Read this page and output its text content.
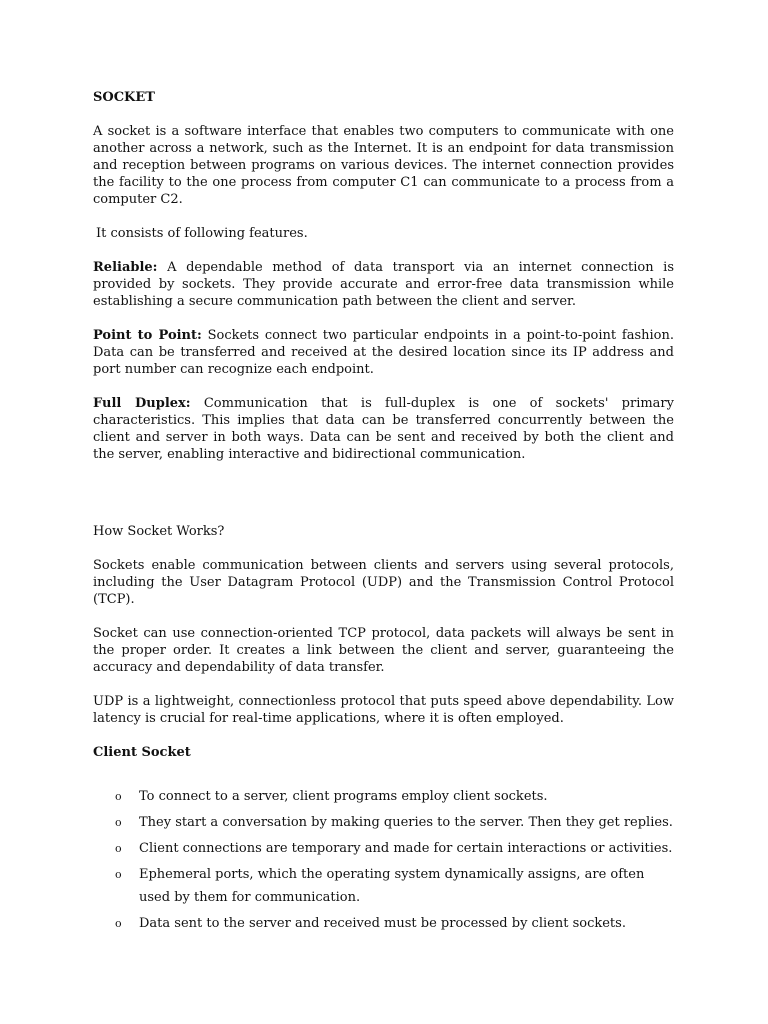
SOCKET

A socket is a software interface that enables two computers to communicate with one another across a network, such as the Internet. It is an endpoint for data transmission and reception between programs on various devices. The internet connection provides the facility to the one process from computer C1 can communicate to a process from a computer C2.

It consists of following features.

Reliable: A dependable method of data transport via an internet connection is provided by sockets. They provide accurate and error-free data transmission while establishing a secure communication path between the client and server.

Point to Point: Sockets connect two particular endpoints in a point-to-point fashion. Data can be transferred and received at the desired location since its IP address and port number can recognize each endpoint.

Full Duplex: Communication that is full-duplex is one of sockets' primary characteristics. This implies that data can be transferred concurrently between the client and server in both ways. Data can be sent and received by both the client and the server, enabling interactive and bidirectional communication.

How Socket Works?

Sockets enable communication between clients and servers using several protocols, including the User Datagram Protocol (UDP) and the Transmission Control Protocol (TCP).

Socket can use connection-oriented TCP protocol, data packets will always be sent in the proper order. It creates a link between the client and server, guaranteeing the accuracy and dependability of data transfer.

UDP is a lightweight, connectionless protocol that puts speed above dependability. Low latency is crucial for real-time applications, where it is often employed.

Client Socket

o To connect to a server, client programs employ client sockets.
o They start a conversation by making queries to the server. Then they get replies.
o Client connections are temporary and made for certain interactions or activities.
o Ephemeral ports, which the operating system dynamically assigns, are often used by them for communication.
o Data sent to the server and received must be processed by client sockets.
